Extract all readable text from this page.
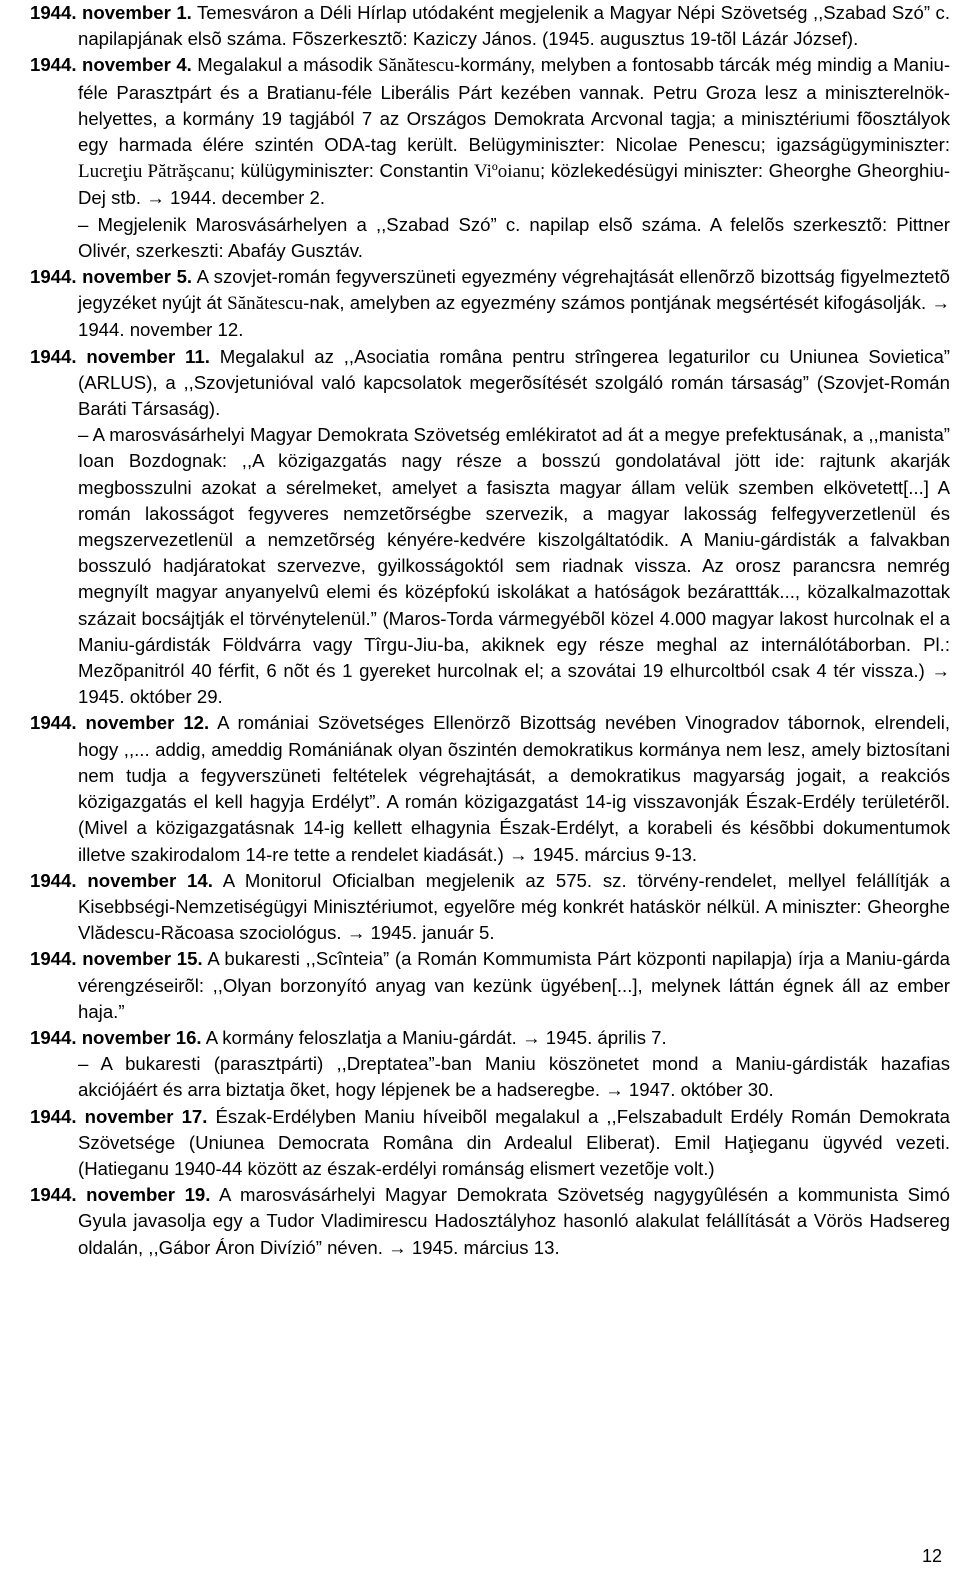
1944. november 1. Temesváron a Déli Hírlap utódaként megjelenik a Magyar Népi Szövetség ,,Szabad Szó” c. napilapjának elsõ száma. Fõszerkesztõ: Kaziczy János. (1945. augusztus 19-tõl Lázár József).

1944. november 4. Megalakul a második Sănătescu-kormány, melyben a fontosabb tárcák még mindig a Maniu-féle Parasztpárt és a Bratianu-féle Liberális Párt kezében vannak. Petru Groza lesz a miniszterelnök-helyettes, a kormány 19 tagjából 7 az Országos Demokrata Arcvonal tagja; a minisztériumi fõosztályok egy harmada élére szintén ODA-tag került. Belügyminiszter: Nicolae Penescu; igazságügyminiszter: Lucreţiu Pătrăşcanu; külügyminiszter: Constantin Viºoianu; közlekedésügyi miniszter: Gheorghe Gheorghiu-Dej stb. → 1944. december 2.

– Megjelenik Marosvásárhelyen a ,,Szabad Szó” c. napilap elsõ száma. A felelõs szerkesztõ: Pittner Olivér, szerkeszti: Abafáy Gusztáv.

1944. november 5. A szovjet-román fegyverszüneti egyezmény végrehajtását ellenõrzõ bizottság figyelmeztetõ jegyzéket nyújt át Sănătescu-nak, amelyben az egyezmény számos pontjának megsértését kifogásolják. → 1944. november 12.

1944. november 11. Megalakul az ,,Asociatia româna pentru strîngerea legaturilor cu Uniunea Sovietica” (ARLUS), a ,,Szovjetunióval való kapcsolatok megerõsítését szolgáló román társaság” (Szovjet-Román Baráti Társaság).

– A marosvásárhelyi Magyar Demokrata Szövetség emlékiratot ad át a megye prefektusának, a ,,manista” Ioan Bozdognak: ,,A közigazgatás nagy része a bosszú gondolatával jött ide: rajtunk akarják megbosszulni azokat a sérelmeket, amelyet a fasiszta magyar állam velük szemben elkövetett[...] A román lakosságot fegyveres nemzetõrségbe szervezik, a magyar lakosság felfegyverzetlenül és megszervezetlenül a nemzetõrség kényére-kedvére kiszolgáltatódik. A Maniu-gárdisták a falvakban bosszuló hadjáratokat szervezve, gyilkosságoktól sem riadnak vissza. Az orosz parancsra nemrég megnyílt magyar anyanyelvû elemi és középfokú iskolákat a hatóságok bezárattták..., közalkalmazottak százait bocsájtják el törvénytelenül.” (Maros-Torda vármegyébõl közel 4.000 magyar lakost hurcolnak el a Maniu-gárdisták Földvárra vagy Tîrgu-Jiu-ba, akiknek egy része meghal az internálótáborban. Pl.: Mezõpanitról 40 férfit, 6 nõt és 1 gyereket hurcolnak el; a szovátai 19 elhurcoltból csak 4 tér vissza.) → 1945. október 29.

1944. november 12. A romániai Szövetséges Ellenörzõ Bizottság nevében Vinogradov tábornok, elrendeli, hogy ,,... addig, ameddig Romániának olyan õszintén demokratikus kormánya nem lesz, amely biztosítani nem tudja a fegyverszüneti feltételek végrehajtását, a demokratikus magyarság jogait, a reakciós közigazgatás el kell hagyja Erdélyt”. A román közigazgatást 14-ig visszavonják Észak-Erdély területérõl. (Mivel a közigazgatásnak 14-ig kellett elhagynia Észak-Erdélyt, a korabeli és késõbbi dokumentumok illetve szakirodalom 14-re tette a rendelet kiadását.) → 1945. március 9-13.

1944. november 14. A Monitorul Oficialban megjelenik az 575. sz. törvény-rendelet, mellyel felállítják a Kisebbségi-Nemzetiségügyi Minisztériumot, egyelõre még konkrét hatáskör nélkül. A miniszter: Gheorghe Vlădescu-Răcoasa szociológus. → 1945. január 5.

1944. november 15. A bukaresti ,,Scînteia” (a Román Kommumista Párt központi napilapja) írja a Maniu-gárda vérengzéseirõl: ,,Olyan borzonyító anyag van kezünk ügyében[...], melynek láttán égnek áll az ember haja.”

1944. november 16. A kormány feloszlatja a Maniu-gárdát. → 1945. április 7.

– A bukaresti (parasztpárti) ,,Dreptatea”-ban Maniu köszönetet mond a Maniu-gárdisták hazafias akciójáért és arra biztatja õket, hogy lépjenek be a hadseregbe. → 1947. október 30.

1944. november 17. Észak-Erdélyben Maniu híveibõl megalakul a ,,Felszabadult Erdély Román Demokrata Szövetsége (Uniunea Democrata Româna din Ardealul Eliberat). Emil Haţieganu ügyvéd vezeti. (Hatieganu 1940-44 között az észak-erdélyi románság elismert vezetõje volt.)

1944. november 19. A marosvásárhelyi Magyar Demokrata Szövetség nagygyûlésén a kommunista Simó Gyula javasolja egy a Tudor Vladimirescu Hadosztályhoz hasonló alakulat felállítását a Vörös Hadsereg oldalán, ,,Gábor Áron Divízió” néven. → 1945. március 13.

12
